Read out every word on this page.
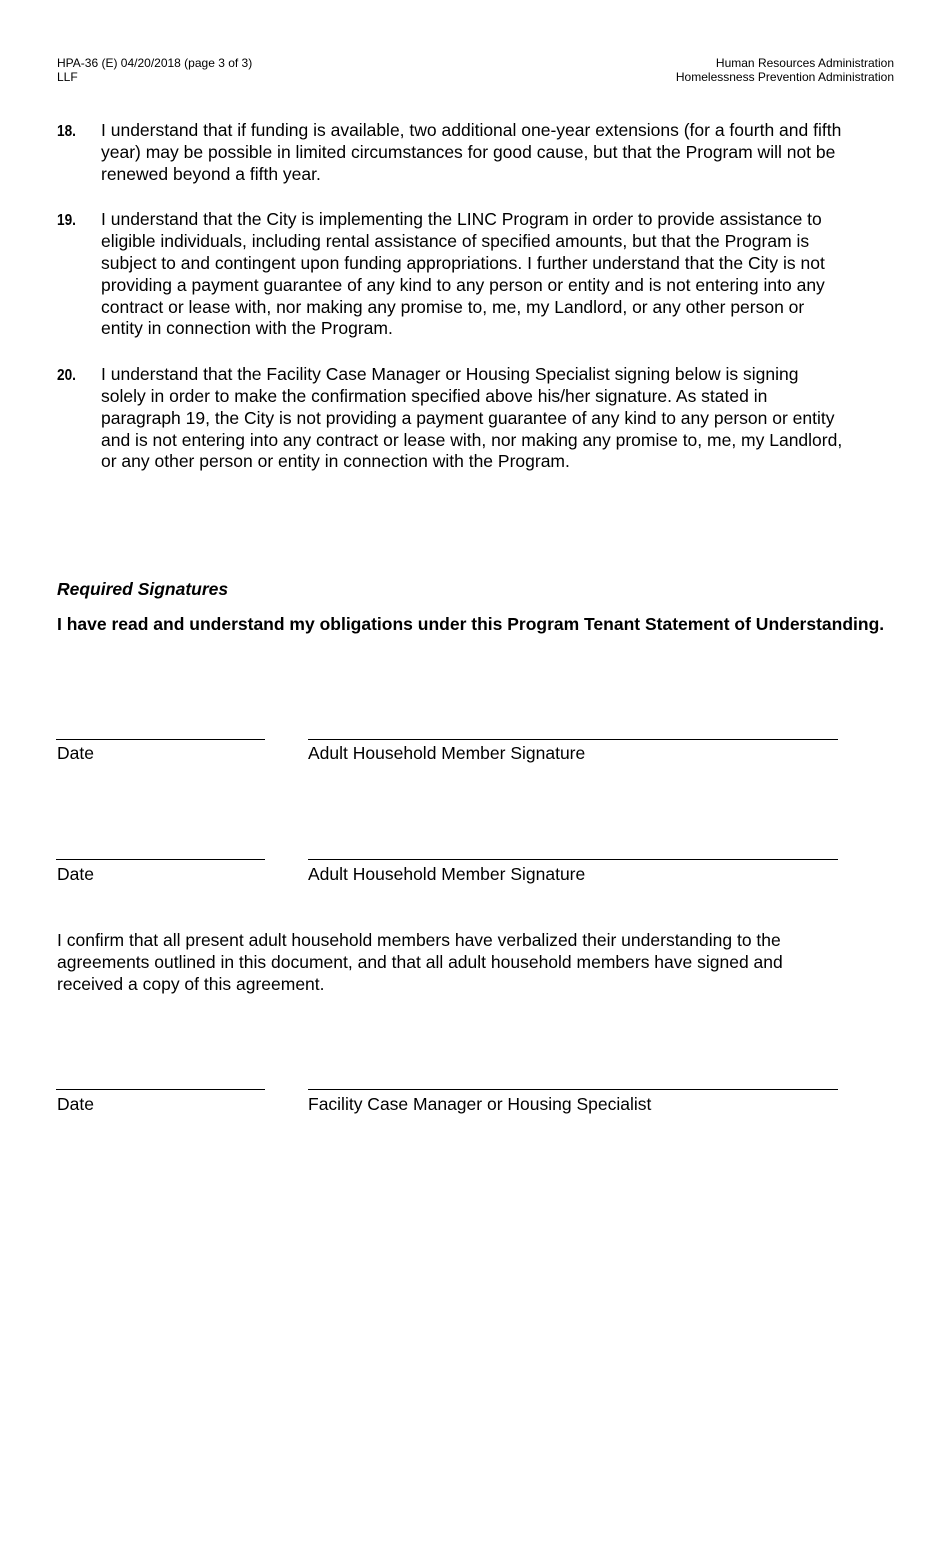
HPA-36 (E) 04/20/2018 (page 3 of 3)
LLF
Human Resources Administration
Homelessness Prevention Administration
18.	I understand that if funding is available, two additional one-year extensions (for a fourth and fifth
year) may be possible in limited circumstances for good cause, but that the Program will not be
renewed beyond a fifth year.
19.	I understand that the City is implementing the LINC Program in order to provide assistance to
eligible individuals, including rental assistance of specified amounts, but that the Program is
subject to and contingent upon funding appropriations. I further understand that the City is not
providing a payment guarantee of any kind to any person or entity and is not entering into any
contract or lease with, nor making any promise to, me, my Landlord, or any other person or
entity in connection with the Program.
20.	I understand that the Facility Case Manager or Housing Specialist signing below is signing
solely in order to make the confirmation specified above his/her signature. As stated in
paragraph 19, the City is not providing a payment guarantee of any kind to any person or entity
and is not entering into any contract or lease with, nor making any promise to, me, my Landlord,
or any other person or entity in connection with the Program.
Required Signatures
I have read and understand my obligations under this Program Tenant Statement of Understanding.
Date	Adult Household Member Signature
Date	Adult Household Member Signature
I confirm that all present adult household members have verbalized their understanding to the
agreements outlined in this document, and that all adult household members have signed and
received a copy of this agreement.
Date	Facility Case Manager or Housing Specialist
